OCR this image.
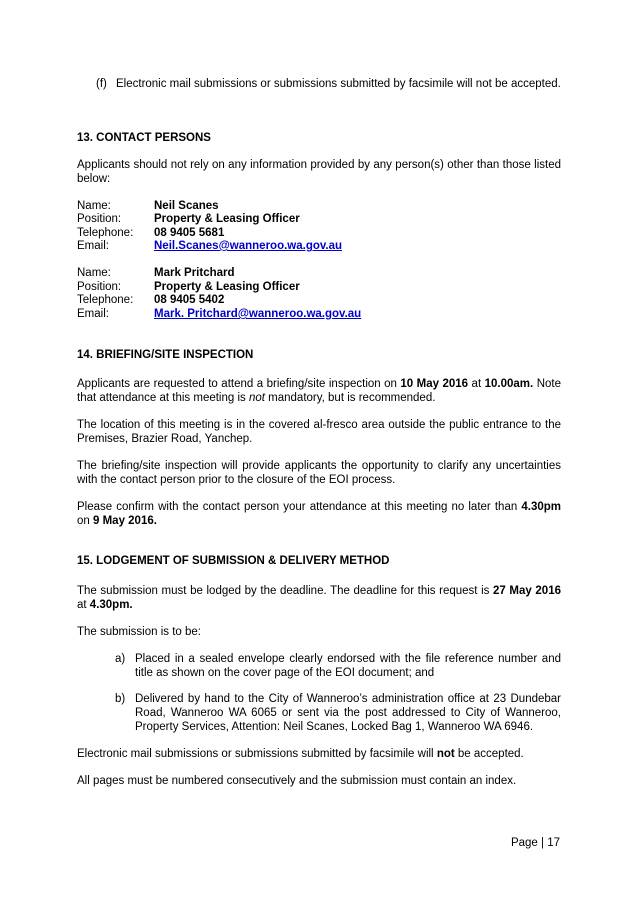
(f) Electronic mail submissions or submissions submitted by facsimile will not be accepted.
13. CONTACT PERSONS
Applicants should not rely on any information provided by any person(s) other than those listed below:
Name:	Neil Scanes
Position:	Property & Leasing Officer
Telephone: 08 9405 5681
Email:	Neil.Scanes@wanneroo.wa.gov.au
Name:	Mark Pritchard
Position:	Property & Leasing Officer
Telephone: 08 9405 5402
Email:	Mark. Pritchard@wanneroo.wa.gov.au
14. BRIEFING/SITE INSPECTION
Applicants are requested to attend a briefing/site inspection on 10 May 2016 at 10.00am. Note that attendance at this meeting is not mandatory, but is recommended.
The location of this meeting is in the covered al-fresco area outside the public entrance to the Premises, Brazier Road, Yanchep.
The briefing/site inspection will provide applicants the opportunity to clarify any uncertainties with the contact person prior to the closure of the EOI process.
Please confirm with the contact person your attendance at this meeting no later than 4.30pm on 9 May 2016.
15. LODGEMENT OF SUBMISSION & DELIVERY METHOD
The submission must be lodged by the deadline. The deadline for this request is 27 May 2016 at 4.30pm.
The submission is to be:
a) Placed in a sealed envelope clearly endorsed with the file reference number and title as shown on the cover page of the EOI document; and
b) Delivered by hand to the City of Wanneroo’s administration office at 23 Dundebar Road, Wanneroo WA 6065 or sent via the post addressed to City of Wanneroo, Property Services, Attention: Neil Scanes, Locked Bag 1, Wanneroo WA 6946.
Electronic mail submissions or submissions submitted by facsimile will not be accepted.
All pages must be numbered consecutively and the submission must contain an index.
Page | 17
